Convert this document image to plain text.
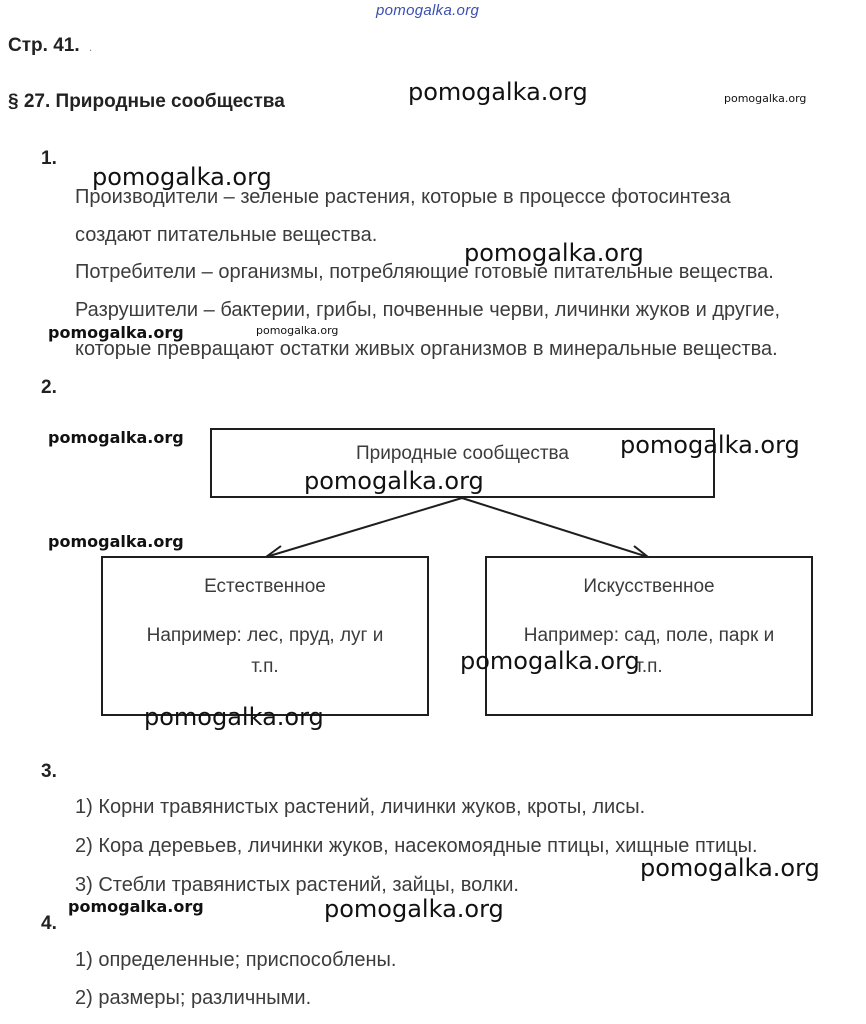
pomogalka.org
Стр. 41. .
§ 27. Природные сообщества
1.
Производители – зеленые растения, которые в процессе фотосинтеза
создают питательные вещества.
Потребители – организмы, потребляющие готовые питательные вещества.
Разрушители – бактерии, грибы, почвенные черви, личинки жуков и другие,
которые превращают остатки живых организмов в минеральные вещества.
2.
Природные сообщества
Естественное
Например: лес, пруд, луг и
т.п.
Искусственное
Например: сад, поле, парк и
т.п.
3.
1) Корни травянистых растений, личинки жуков, кроты, лисы.
2) Кора деревьев, личинки жуков, насекомоядные птицы, хищные птицы.
3) Стебли травянистых растений, зайцы, волки.
4.
1) определенные; приспособлены.
2) размеры; различными.
pomogalka.org	pomogalka.org
pomogalka.org
pomogalka.org
pomogalka.org	pomogalka.org
pomogalka.org	pomogalka.org
pomogalka.org
pomogalka.org
pomogalka.org
pomogalka.org
pomogalka.org
pomogalka.org	pomogalka.org
